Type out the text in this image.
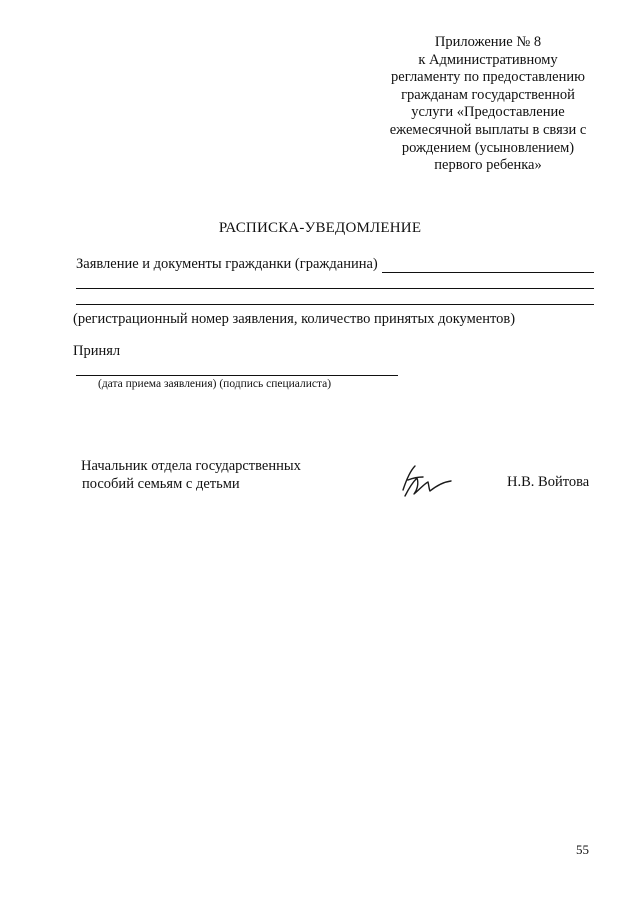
Приложение № 8
к Административному
регламенту по предоставлению
гражданам государственной
услуги «Предоставление
ежемесячной выплаты в связи с
рождением (усыновлением)
первого ребенка»
РАСПИСКА-УВЕДОМЛЕНИЕ
Заявление и документы гражданки (гражданина)
(регистрационный номер заявления, количество принятых документов)
Принял
(дата приема заявления) (подпись специалиста)
Начальник отдела государственных
пособий семьям с детьми	Н.В. Войтова
55
